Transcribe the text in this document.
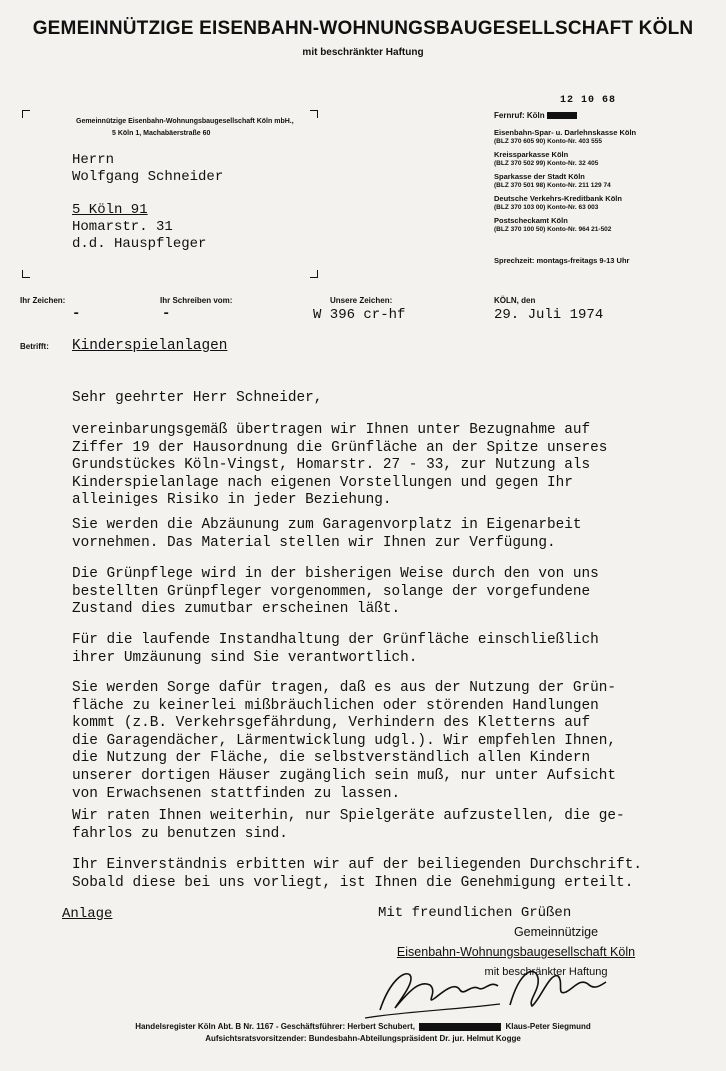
GEMEINNÜTZIGE EISENBAHN-WOHNUNGSBAUGESELLSCHAFT KÖLN
mit beschränkter Haftung
Gemeinnützige Eisenbahn-Wohnungsbaugesellschaft Köln mbH.,
5 Köln 1, Machabäerstraße 60
Herrn
Wolfgang Schneider
5 Köln 91
Homarstr. 31
d.d. Hauspfleger
12 10 68
Fernruf: Köln
Eisenbahn-Spar- u. Darlehnskasse Köln
(BLZ 370 605 90) Konto-Nr. 403 555
Kreissparkasse Köln
(BLZ 370 502 99) Konto-Nr. 32 405
Sparkasse der Stadt Köln
(BLZ 370 501 98) Konto-Nr. 211 129 74
Deutsche Verkehrs-Kreditbank Köln
(BLZ 370 103 00) Konto-Nr. 63 003
Postscheckamt Köln
(BLZ 370 100 50) Konto-Nr. 964 21-502
Sprechzeit: montags-freitags 9-13 Uhr
Ihr Zeichen:
-
Ihr Schreiben vom:
-
Unsere Zeichen:
W 396 cr-hf
KÖLN, den
29. Juli 1974
Betrifft: Kinderspielanlagen
Sehr geehrter Herr Schneider,
vereinbarungsgemäß übertragen wir Ihnen unter Bezugnahme auf
Ziffer 19 der Hausordnung die Grünfläche an der Spitze unseres
Grundstückes Köln-Vingst, Homarstr. 27 - 33, zur Nutzung als
Kinderspielanlage nach eigenen Vorstellungen und gegen Ihr
alleiniges Risiko in jeder Beziehung.
Sie werden die Abzäunung zum Garagenvorplatz in Eigenarbeit
vornehmen. Das Material stellen wir Ihnen zur Verfügung.
Die Grünpflege wird in der bisherigen Weise durch den von uns
bestellten Grünpfleger vorgenommen, solange der vorgefundene
Zustand dies zumutbar erscheinen läßt.
Für die laufende Instandhaltung der Grünfläche einschließlich
ihrer Umzäunung sind Sie verantwortlich.
Sie werden Sorge dafür tragen, daß es aus der Nutzung der Grün-
fläche zu keinerlei mißbräuchlichen oder störenden Handlungen
kommt (z.B. Verkehrsgefährdung, Verhindern des Kletterns auf
die Garagendächer, Lärmentwicklung udgl.). Wir empfehlen Ihnen,
die Nutzung der Fläche, die selbstverständlich allen Kindern
unserer dortigen Häuser zugänglich sein muß, nur unter Aufsicht
von Erwachsenen stattfinden zu lassen.
Wir raten Ihnen weiterhin, nur Spielgeräte aufzustellen, die ge-
fahrlos zu benutzen sind.
Ihr Einverständnis erbitten wir auf der beiliegenden Durchschrift.
Sobald diese bei uns vorliegt, ist Ihnen die Genehmigung erteilt.
Anlage	Mit freundlichen Grüßen
Gemeinnützige
Eisenbahn-Wohnungsbaugesellschaft Köln
mit beschränkter Haftung
Handelsregister Köln Abt. B Nr. 1167 - Geschäftsführer: Herbert Schubert,	Klaus-Peter Siegmund
Aufsichtsratsvorsitzender: Bundesbahn-Abteilungspräsident Dr. jur. Helmut Kogge
